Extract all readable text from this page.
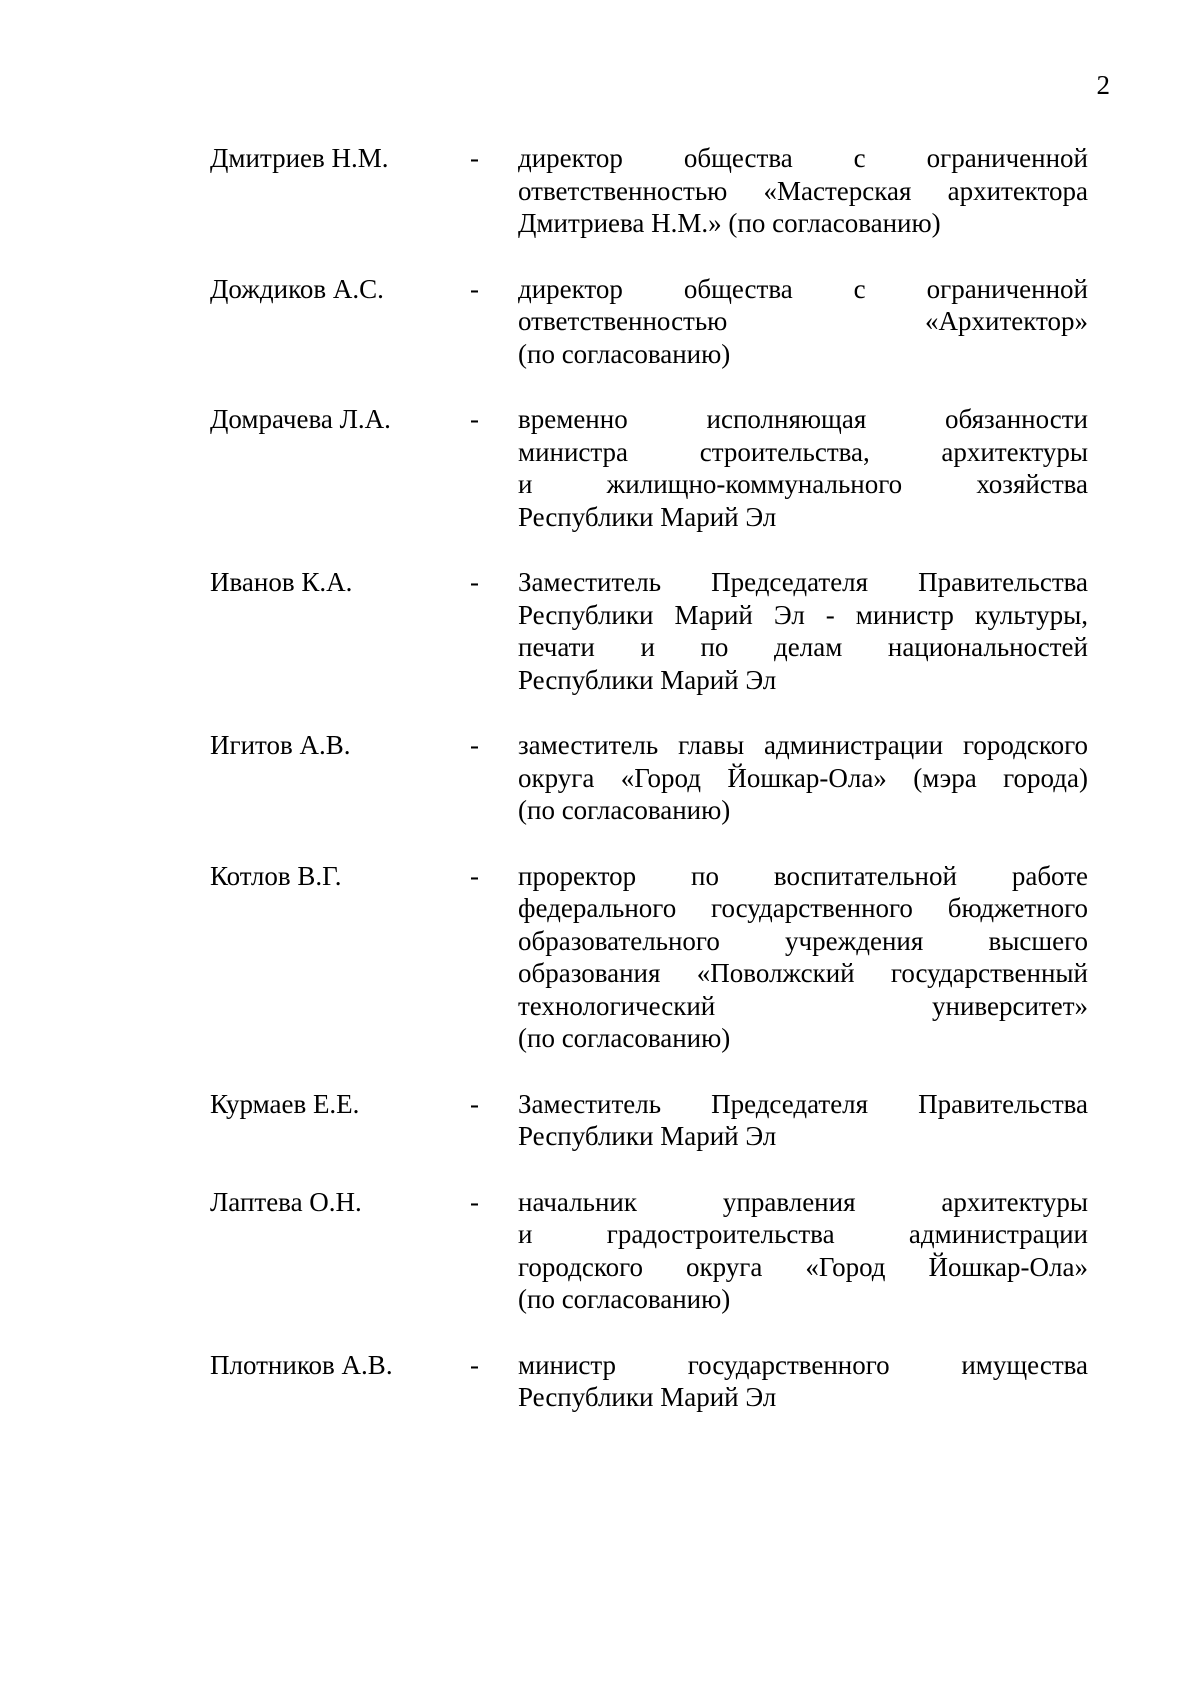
2
Дмитриев Н.М.	- директор общества с ограниченной
ответственностью «Мастерская архитектора
Дмитриева Н.М.» (по согласованию)
Дождиков А.С.	- директор общества с ограниченной
ответственностью «Архитектор»
(по согласованию)
Домрачева Л.А.	- временно исполняющая обязанности
министра строительства, архитектуры
и жилищно-коммунального хозяйства
Республики Марий Эл
Иванов К.А.	- Заместитель Председателя Правительства
Республики Марий Эл - министр культуры,
печати и по делам национальностей
Республики Марий Эл
Игитов А.В.	- заместитель главы администрации городского
округа «Город Йошкар-Ола» (мэра города)
(по согласованию)
Котлов В.Г.	- проректор по воспитательной работе
федерального государственного бюджетного
образовательного учреждения высшего
образования «Поволжский государственный
технологический университет»
(по согласованию)
Курмаев Е.Е.	- Заместитель Председателя Правительства
Республики Марий Эл
Лаптева О.Н.	- начальник управления архитектуры
и градостроительства администрации
городского округа «Город Йошкар-Ола»
(по согласованию)
Плотников А.В.	- министр государственного имущества
Республики Марий Эл
